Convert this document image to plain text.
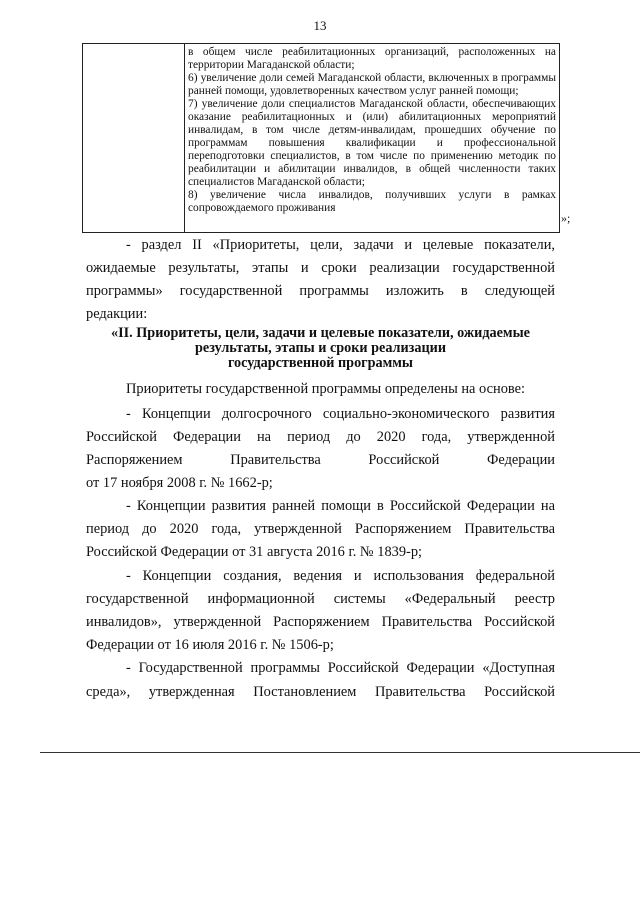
13

в общем числе реабилитационных организаций, расположенных на территории Магаданской области;

6) увеличение доли семей Магаданской области, включенных в программы ранней помощи, удовлетворенных качеством услуг ранней помощи;

7) увеличение доли специалистов Магаданской области, обеспечивающих оказание реабилитационных и (или) абилитационных мероприятий инвалидам, в том числе детям-инвалидам, прошедших обучение по программам повышения квалификации и профессиональной переподготовки специалистов, в том числе по применению методик по реабилитации и абилитации инвалидов, в общей численности таких специалистов Магаданской области;

8) увеличение числа инвалидов, получивших услуги в рамках сопровождаемого проживания

»;
- раздел II «Приоритеты, цели, задачи и целевые показатели,
ожидаемые результаты, этапы и сроки реализации государственной
программы» государственной программы изложить в следующей
редакции:
«II. Приоритеты, цели, задачи и целевые показатели, ожидаемые
результаты, этапы и сроки реализации
государственной программы
Приоритеты государственной программы определены на основе:
- Концепции долгосрочного социально-экономического развития
Российской Федерации на период до 2020 года, утвержденной
Распоряжением Правительства Российской Федерации
от 17 ноября 2008 г. № 1662-р;
- Концепции развития ранней помощи в Российской Федерации на
период до 2020 года, утвержденной Распоряжением Правительства
Российской Федерации от 31 августа 2016 г. № 1839-р;
- Концепции создания, ведения и использования федеральной
государственной информационной системы «Федеральный реестр
инвалидов», утвержденной Распоряжением Правительства Российской
Федерации от 16 июля 2016 г. № 1506-р;
- Государственной программы Российской Федерации «Доступная
среда», утвержденная Постановлением Правительства Российской
